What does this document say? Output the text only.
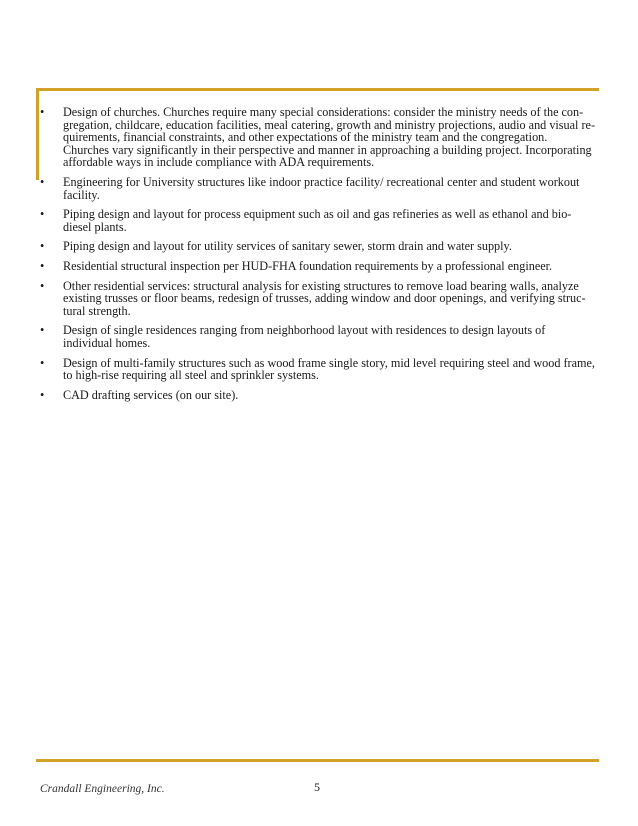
• Design of churches. Churches require many special considerations: consider the ministry needs of the con-gregation, childcare, education facilities, meal catering, growth and ministry projections, audio and visual re-quirements, financial constraints, and other expectations of the ministry team and the congregation. Churches vary significantly in their perspective and manner in approaching a building project. Incorporating affordable ways in include compliance with ADA requirements.
• Engineering for University structures like indoor practice facility/ recreational center and student workout facility.
• Piping design and layout for process equipment such as oil and gas refineries as well as ethanol and bio-diesel plants.
• Piping design and layout for utility services of sanitary sewer, storm drain and water supply.
• Residential structural inspection per HUD-FHA foundation requirements by a professional engineer.
• Other residential services: structural analysis for existing structures to remove load bearing walls, analyze existing trusses or floor beams, redesign of trusses, adding window and door openings, and verifying struc-tural strength.
• Design of single residences ranging from neighborhood layout with residences to design layouts of individual homes.
• Design of multi-family structures such as wood frame single story, mid level requiring steel and wood frame, to high-rise requiring all steel and sprinkler systems.
• CAD drafting services (on our site).
Crandall Engineering, Inc.	5
